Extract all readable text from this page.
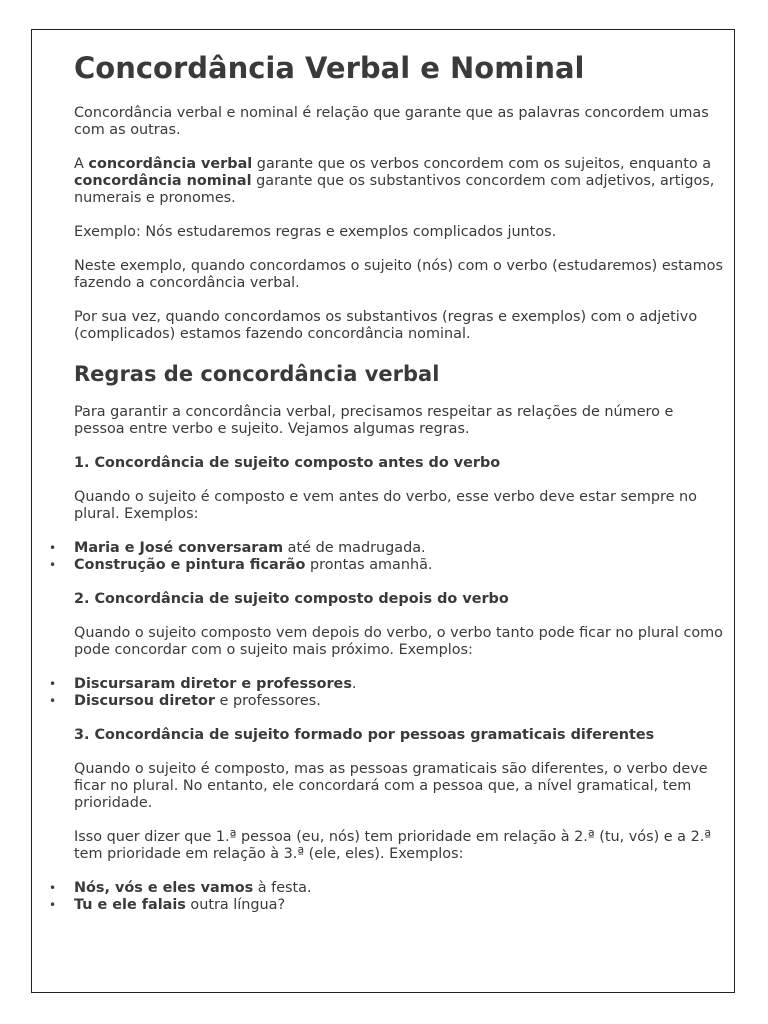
Concordância Verbal e Nominal

Concordância verbal e nominal é relação que garante que as palavras concordem umas com as outras.

A concordância verbal garante que os verbos concordem com os sujeitos, enquanto a concordância nominal garante que os substantivos concordem com adjetivos, artigos, numerais e pronomes.

Exemplo: Nós estudaremos regras e exemplos complicados juntos.

Neste exemplo, quando concordamos o sujeito (nós) com o verbo (estudaremos) estamos fazendo a concordância verbal.

Por sua vez, quando concordamos os substantivos (regras e exemplos) com o adjetivo (complicados) estamos fazendo concordância nominal.

Regras de concordância verbal

Para garantir a concordância verbal, precisamos respeitar as relações de número e pessoa entre verbo e sujeito. Vejamos algumas regras.

1. Concordância de sujeito composto antes do verbo

Quando o sujeito é composto e vem antes do verbo, esse verbo deve estar sempre no plural. Exemplos:

• Maria e José conversaram até de madrugada.
• Construção e pintura ficarão prontas amanhã.

2. Concordância de sujeito composto depois do verbo

Quando o sujeito composto vem depois do verbo, o verbo tanto pode ficar no plural como pode concordar com o sujeito mais próximo. Exemplos:

• Discursaram diretor e professores.
• Discursou diretor e professores.

3. Concordância de sujeito formado por pessoas gramaticais diferentes

Quando o sujeito é composto, mas as pessoas gramaticais são diferentes, o verbo deve ficar no plural. No entanto, ele concordará com a pessoa que, a nível gramatical, tem prioridade.

Isso quer dizer que 1.ª pessoa (eu, nós) tem prioridade em relação à 2.ª (tu, vós) e a 2.ª tem prioridade em relação à 3.ª (ele, eles). Exemplos:

• Nós, vós e eles vamos à festa.
• Tu e ele falais outra língua?
